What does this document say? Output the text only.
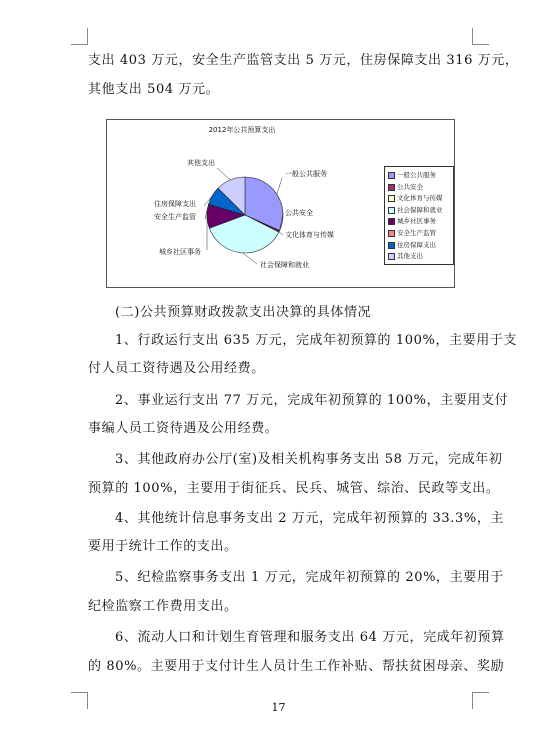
支出 403 万元，安全生产监管支出 5 万元，住房保障支出 316 万元，
其他支出 504 万元。
2012年公共预算支出
一般公共服务
公共安全
文化体育与传媒
社会保障和就业
城乡社区事务
安全生产监管
住房保障支出
其他支出
一般公共服务
公共安全
文化体育与传媒
社会保障和就业
城乡社区事务
安全生产监管
住房保障支出
其他支出
(二)公共预算财政拨款支出决算的具体情况
1、行政运行支出 635 万元，完成年初预算的 100%，主要用于支
付人员工资待遇及公用经费。
2、事业运行支出 77 万元，完成年初预算的 100%，主要用支付
事编人员工资待遇及公用经费。
3、其他政府办公厅(室)及相关机构事务支出 58 万元，完成年初
预算的 100%，主要用于街征兵、民兵、城管、综治、民政等支出。
4、其他统计信息事务支出 2 万元，完成年初预算的 33.3%，主
要用于统计工作的支出。
5、纪检监察事务支出 1 万元，完成年初预算的 20%，主要用于
纪检监察工作费用支出。
6、流动人口和计划生育管理和服务支出 64 万元，完成年初预算
的 80%。主要用于支付计生人员计生工作补贴、帮扶贫困母亲、奖励
17
